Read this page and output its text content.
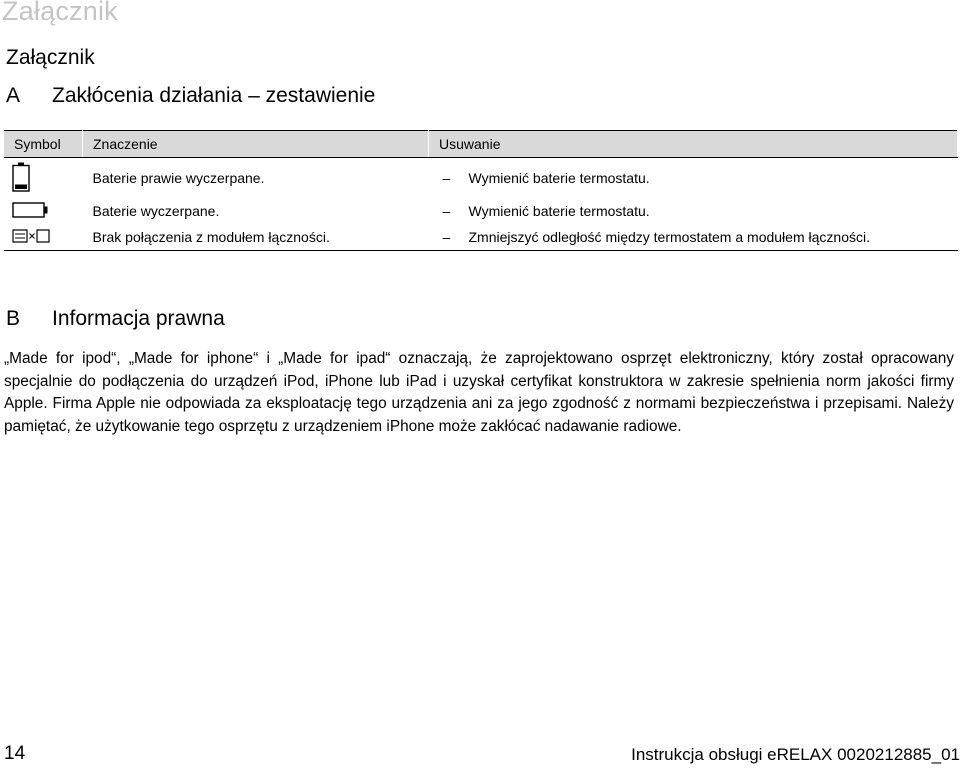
Załącznik
Załącznik
A Zakłócenia działania – zestawienie
Symbol	Znaczenie	Usuwanie
	Baterie prawie wyczerpane.	– Wymienić baterie termostatu.
	Baterie wyczerpane.	– Wymienić baterie termostatu.
	Brak połączenia z modułem łączności.	– Zmniejszyć odległość między termostatem a modułem łączności.
B Informacja prawna

„Made for ipod“, „Made for iphone“ i „Made for ipad“ oznaczają, że zaprojektowano osprzęt elektroniczny, który został opracowany specjalnie do podłączenia do urządzeń iPod, iPhone lub iPad i uzyskał certyfikat konstruktora w zakresie spełnienia norm jakości firmy Apple. Firma Apple nie odpowiada za eksploatację tego urządzenia ani za jego zgodność z normami bezpieczeństwa i przepisami. Należy pamiętać, że użytkowanie tego osprzętu z urządzeniem iPhone może zakłócać nadawanie radiowe.

14	Instrukcja obsługi eRELAX 0020212885_01
